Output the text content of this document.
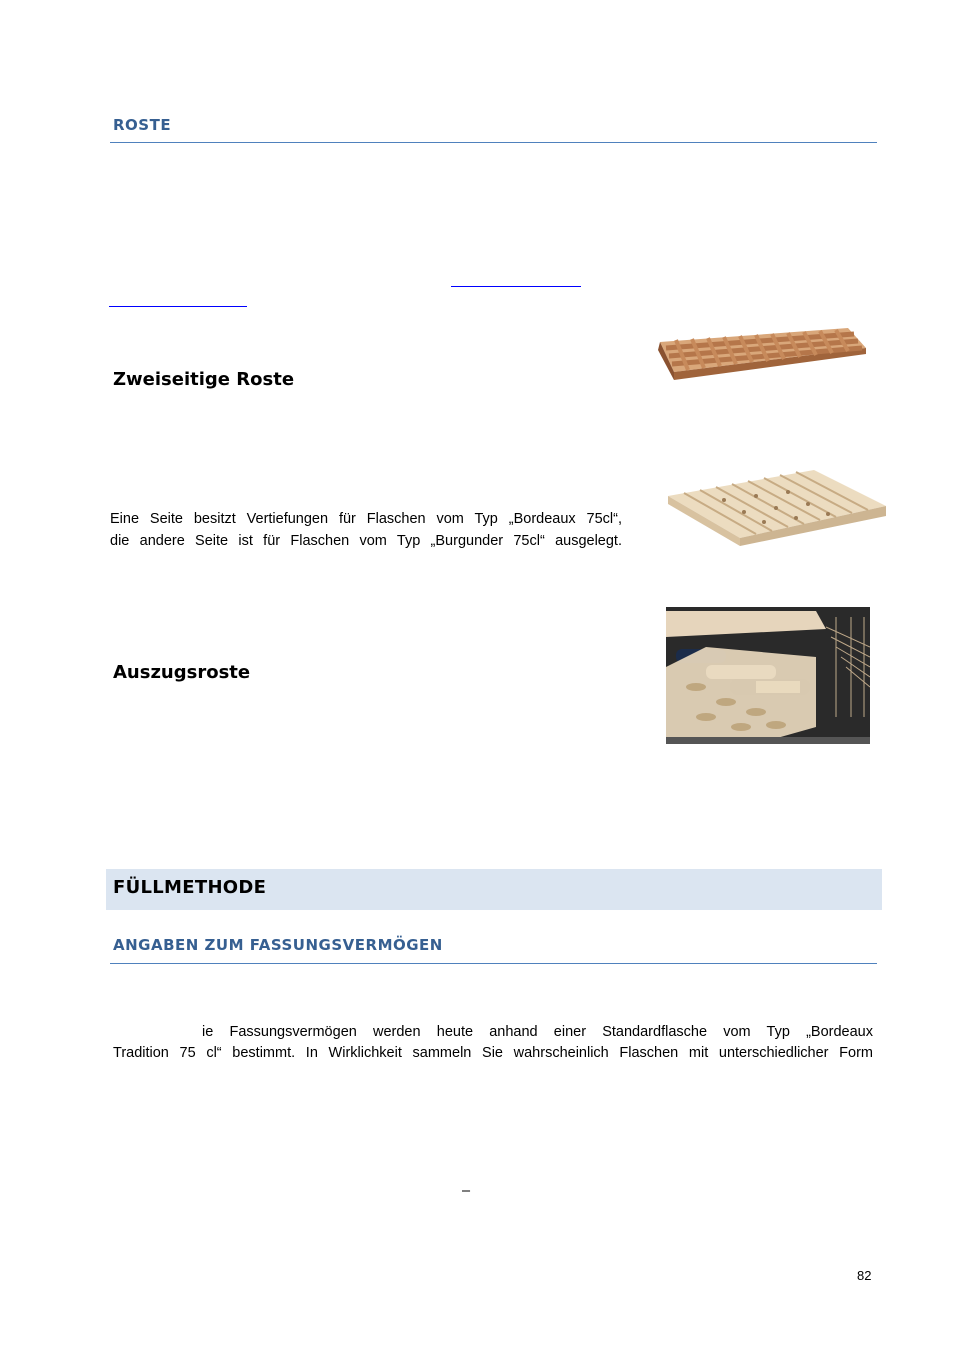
ROSTE
Zweiseitige Roste
Eine Seite besitzt Vertiefungen für Flaschen vom Typ „Bordeaux 75cl“,
die andere Seite ist für Flaschen vom Typ „Burgunder 75cl“ ausgelegt.
Auszugsroste
FÜLLMETHODE
ANGABEN ZUM FASSUNGSVERMÖGEN
ie Fassungsvermögen werden heute anhand einer Standardflasche vom Typ „Bordeaux
Tradition 75 cl“ bestimmt. In Wirklichkeit sammeln Sie wahrscheinlich Flaschen mit unterschiedlicher Form
–
82
